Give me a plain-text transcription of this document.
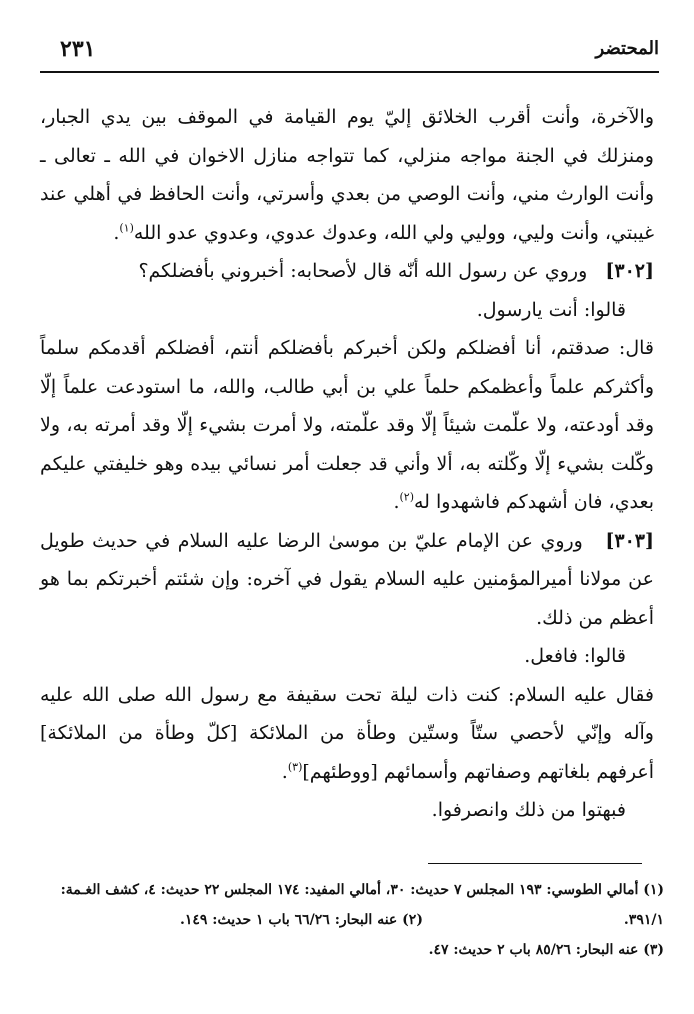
٢٣١	المحتضر

والآخرة، وأنت أقرب الخلائق إليّ يوم القيامة في الموقف بين يدي الجبار، ومنزلك في الجنة مواجه منزلي، كما تتواجه منازل الاخوان في الله ـ تعالى ـ وأنت الوارث مني، وأنت الوصي من بعدي وأسرتي، وأنت الحافظ في أهلي عند غيبتي، وأنت وليي، ووليي ولي الله، وعدوك عدوي، وعدوي عدو الله$^{(١)}$.

[٣٠٢]   وروي عن رسول الله أنّه قال لأصحابه: أخبروني بأفضلكم؟

قالوا: أنت يارسول.

قال: صدقتم، أنا أفضلكم ولكن أخبركم بأفضلكم أنتم، أفضلكم أقدمكم سلماً وأكثركم علماً وأعظمكم حلماً علي بن أبي طالب، والله، ما استودعت علماً إلّا وقد أودعته، ولا علّمت شيئاً إلّا وقد علّمته، ولا أمرت بشيء إلّا وقد أمرته به، ولا وكّلت بشيء إلّا وكّلته به، ألا وأني قد جعلت أمر نسائي بيده وهو خليفتي عليكم بعدي، فان أشهدكم فاشهدوا له$^{(٢)}$.

[٣٠٣]   وروي عن الإمام عليّ بن موسىٰ الرضا عليه السلام في حديث طويل عن مولانا أميرالمؤمنين عليه السلام يقول في آخره: وإن شئتم أخبرتكم بما هو أعظم من ذلك.

قالوا: فافعل.

فقال عليه السلام: كنت ذات ليلة تحت سقيفة مع رسول الله صلى الله عليه وآله وإنّي لأحصي ستّاً وستّين وطأة من الملائكة [كلّ وطأة من الملائكة] أعرفهم بلغاتهم وصفاتهم وأسمائهم [ووطئهم]$^{(٣)}$.

فبهتوا من ذلك وانصرفوا.

(١) أمالي الطوسي: ١٩٣ المجلس ٧ حديث: ٣٠، أمالي المفيد: ١٧٤ المجلس ٢٢ حديث: ٤، كشف الغـمة:

٣٩١/١.
(٢) عنه البحار: ٦٦/٢٦ باب ١ حديث: ١٤٩.

(٣) عنه البحار: ٨٥/٢٦ باب ٢ حديث: ٤٧.
